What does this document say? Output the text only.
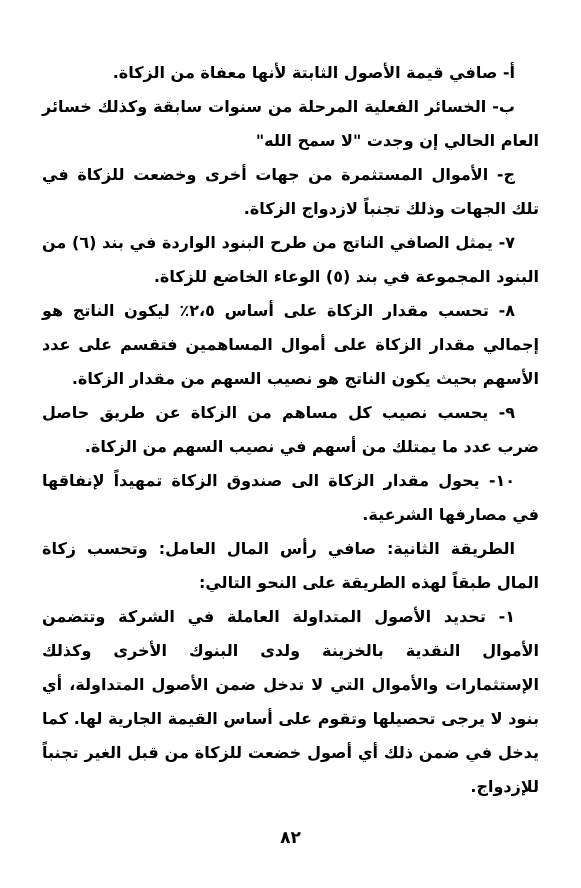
أ- صافي قيمة الأصول الثابتة لأنها معفاة من الزكاة.

ب- الخسائر الفعلية المرحلة من سنوات سابقة وكذلك خسائر العام الحالي إن وجدت "لا سمح الله"

ج- الأموال المستثمرة من جهات أخرى وخضعت للزكاة في تلك الجهات وذلك تجنباً لازدواج الزكاة.

٧- يمثل الصافي الناتج من طرح البنود الواردة في بند (٦) من البنود المجموعة في بند (٥) الوعاء الخاضع للزكاة.

٨- تحسب مقدار الزكاة على أساس ٢،٥٪ ليكون الناتج هو إجمالي مقدار الزكاة على أموال المساهمين فتقسم على عدد الأسهم بحيث يكون الناتج هو نصيب السهم من مقدار الزكاة.

٩- يحسب نصيب كل مساهم من الزكاة عن طريق حاصل ضرب عدد ما يمتلك من أسهم في نصيب السهم من الزكاة.

١٠- يحول مقدار الزكاة الى صندوق الزكاة تمهيداً لإنفاقها في مصارفها الشرعية.

الطريقة الثانية: صافي رأس المال العامل: وتحسب زكاة المال طبقاً لهذه الطريقة على النحو التالي:

١- تحديد الأصول المتداولة العاملة في الشركة وتتضمن الأموال النقدية بالخزينة ولدى البنوك الأخرى وكذلك الإستثمارات والأموال التي لا تدخل ضمن الأصول المتداولة، أي بنود لا يرجى تحصيلها وتقوم على أساس القيمة الجارية لها. كما يدخل في ضمن ذلك أي أصول خضعت للزكاة من قبل الغير تجنباً للإزدواج.

٨٢
